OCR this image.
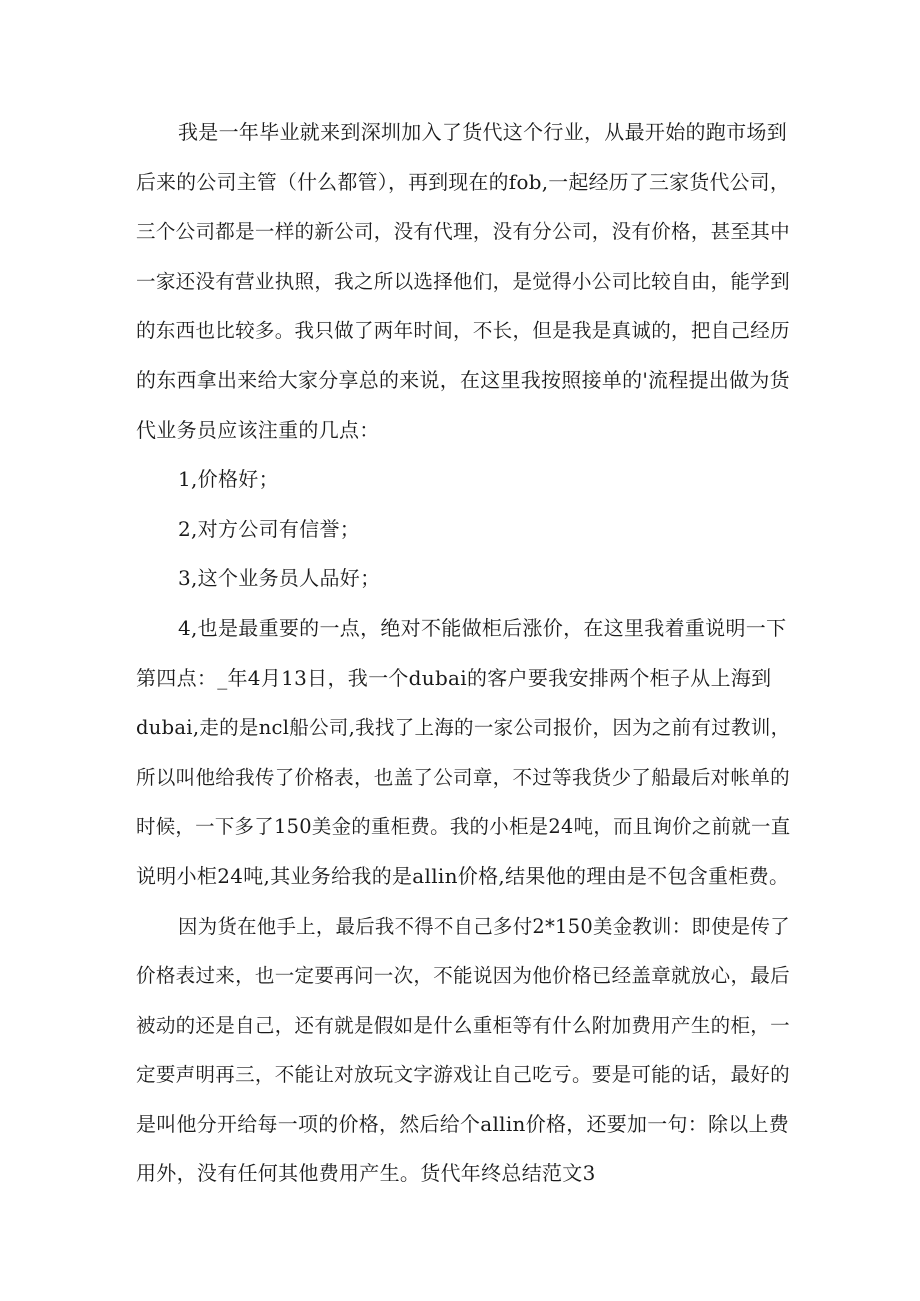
我是一年毕业就来到深圳加入了货代这个行业，从最开始的跑市场到
后来的公司主管（什么都管），再到现在的fob,一起经历了三家货代公司，
三个公司都是一样的新公司，没有代理，没有分公司，没有价格，甚至其中
一家还没有营业执照，我之所以选择他们，是觉得小公司比较自由，能学到
的东西也比较多。我只做了两年时间，不长，但是我是真诚的，把自己经历
的东西拿出来给大家分享总的来说，在这里我按照接单的'流程提出做为货
代业务员应该注重的几点：
1,价格好；
2,对方公司有信誉；
3,这个业务员人品好；
4,也是最重要的一点，绝对不能做柜后涨价，在这里我着重说明一下
第四点：_年4月13日，我一个dubai的客户要我安排两个柜子从上海到
dubai,走的是ncl船公司,我找了上海的一家公司报价，因为之前有过教训，
所以叫他给我传了价格表，也盖了公司章，不过等我货少了船最后对帐单的
时候，一下多了150美金的重柜费。我的小柜是24吨，而且询价之前就一直
说明小柜24吨,其业务给我的是allin价格,结果他的理由是不包含重柜费。
因为货在他手上，最后我不得不自己多付2*150美金教训：即使是传了
价格表过来，也一定要再问一次，不能说因为他价格已经盖章就放心，最后
被动的还是自己，还有就是假如是什么重柜等有什么附加费用产生的柜，一
定要声明再三，不能让对放玩文字游戏让自己吃亏。要是可能的话，最好的
是叫他分开给每一项的价格，然后给个allin价格，还要加一句：除以上费
用外，没有任何其他费用产生。货代年终总结范文3
